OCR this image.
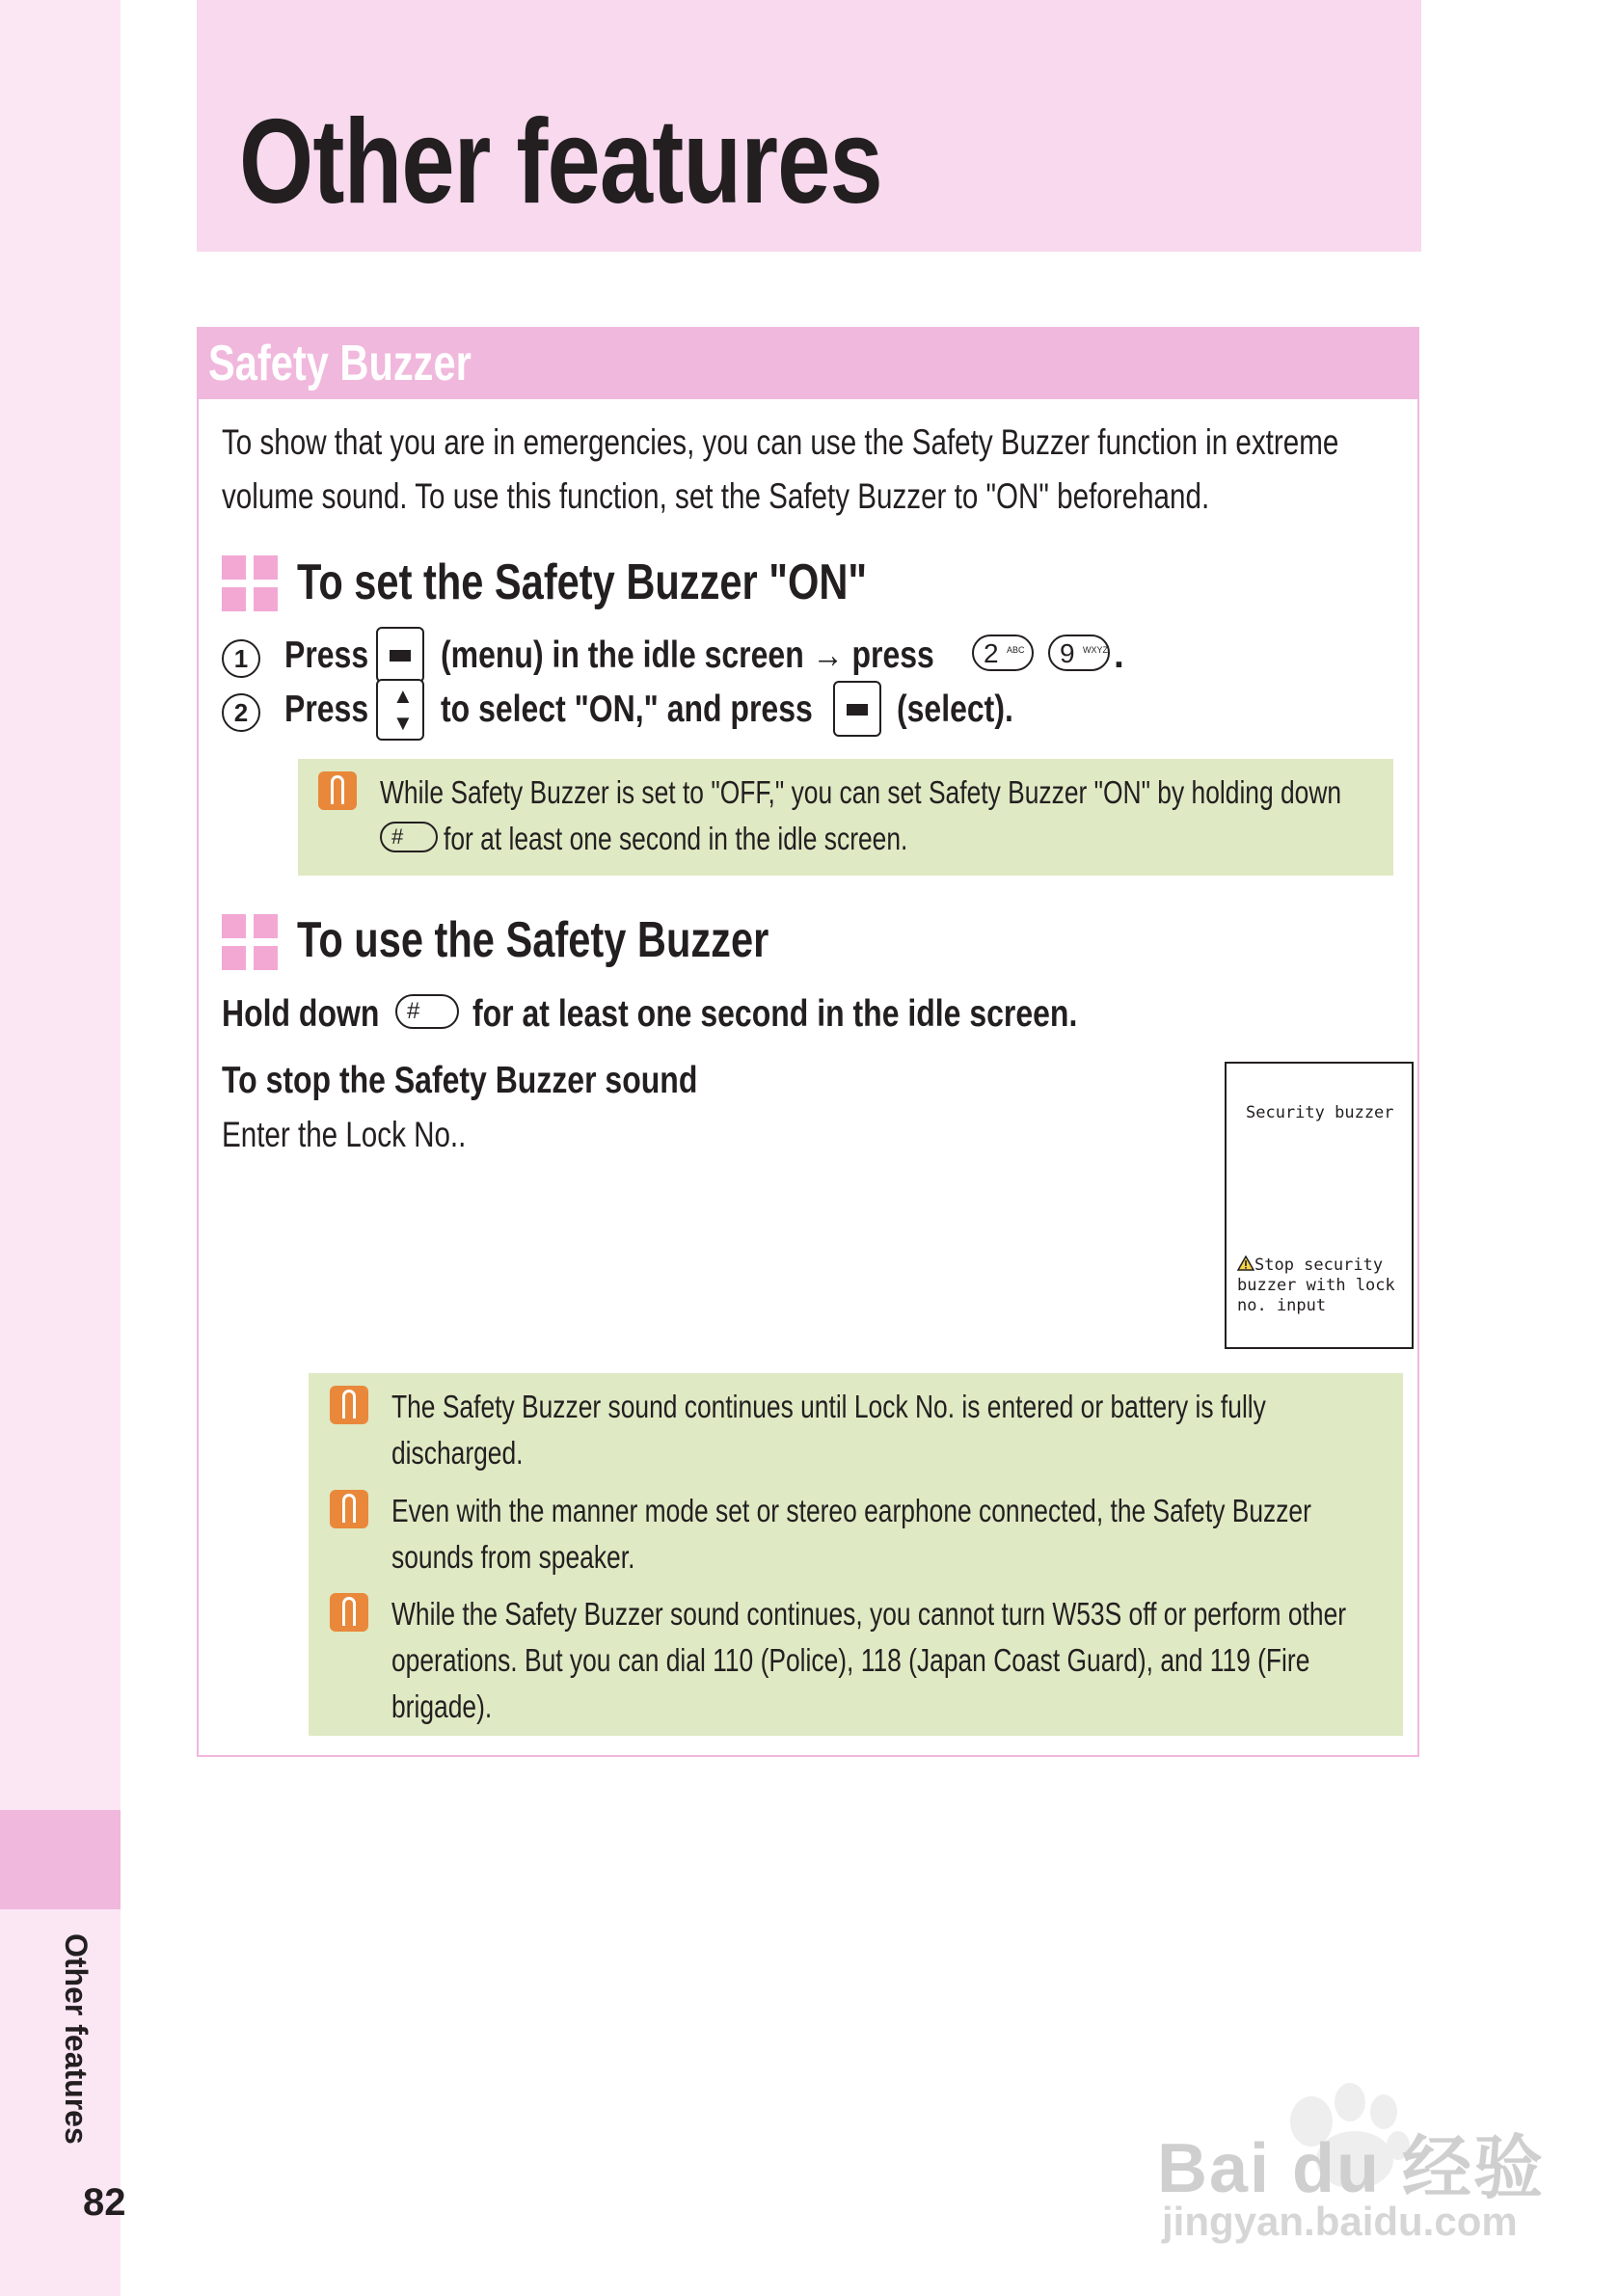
Other features
82
Other features
Safety Buzzer
To show that you are in emergencies, you can use the Safety Buzzer function in extreme
volume sound. To use this function, set the Safety Buzzer to "ON" beforehand.
To set the Safety Buzzer "ON"
1 Press (menu) in the idle screen → press	2 ABC 9 WXYZ .
2 Press	▲
▼ to select "ON," and press	(select).
While Safety Buzzer is set to "OFF," you can set Safety Buzzer "ON" by holding down
# for at least one second in the idle screen.
To use the Safety Buzzer
Hold down	# for at least one second in the idle screen.
To stop the Safety Buzzer sound
Enter the Lock No..
Security buzzer
Stop security
buzzer with lock
no. input
The Safety Buzzer sound continues until Lock No. is entered or battery is fully
discharged.
Even with the manner mode set or stereo earphone connected, the Safety Buzzer
sounds from speaker.
While the Safety Buzzer sound continues, you cannot turn W53S off or perform other
operations. But you can dial 110 (Police), 118 (Japan Coast Guard), and 119 (Fire
brigade).
Bai du 经验
jingyan.baidu.com
